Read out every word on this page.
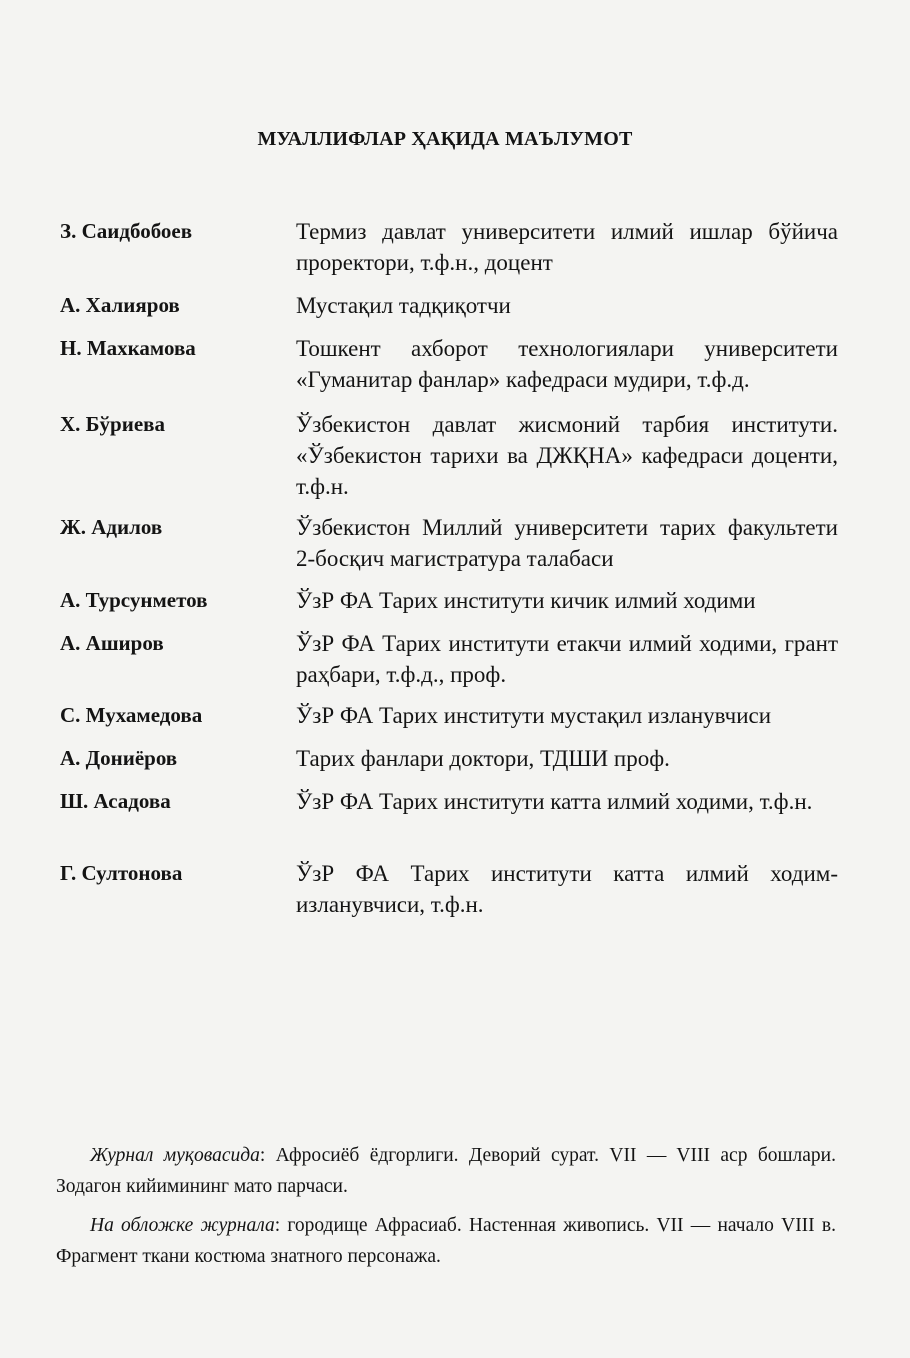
МУАЛЛИФЛАР ҲАҚИДА МАЪЛУМОТ
З. Саидбобоев	Термиз давлат университети илмий ишлар бўйича проректори, т.ф.н., доцент
А. Халияров	Мустақил тадқиқотчи
Н. Махкамова	Тошкент ахборот технологиялари университети «Гуманитар фанлар» кафедраси мудири, т.ф.д.
Х. Бўриева	Ўзбекистон давлат жисмоний тарбия институти. «Ўзбекистон тарихи ва ДЖҚНА» кафедраси доценти, т.ф.н.
Ж. Адилов	Ўзбекистон Миллий университети тарих факультети 2-босқич магистратура талабаси
А. Турсунметов	ЎзР ФА Тарих институти кичик илмий ходими
А. Аширов	ЎзР ФА Тарих институти етакчи илмий ходими, грант раҳбари, т.ф.д., проф.
С. Мухамедова	ЎзР ФА Тарих институти мустақил изланувчиси
А. Дониёров	Тарих фанлари доктори, ТДШИ проф.
Ш. Асадова	ЎзР ФА Тарих институти катта илмий ходими, т.ф.н.
Г. Султонова	ЎзР ФА Тарих институти катта илмий ходим-изланувчиси, т.ф.н.

Журнал муқовасида: Афросиёб ёдгорлиги. Деворий сурат. VII — VIII аср бошлари. Зодагон кийимининг мато парчаси.

На обложке журнала: городище Афрасиаб. Настенная живопись. VII — начало VIII в. Фрагмент ткани костюма знатного персонажа.
